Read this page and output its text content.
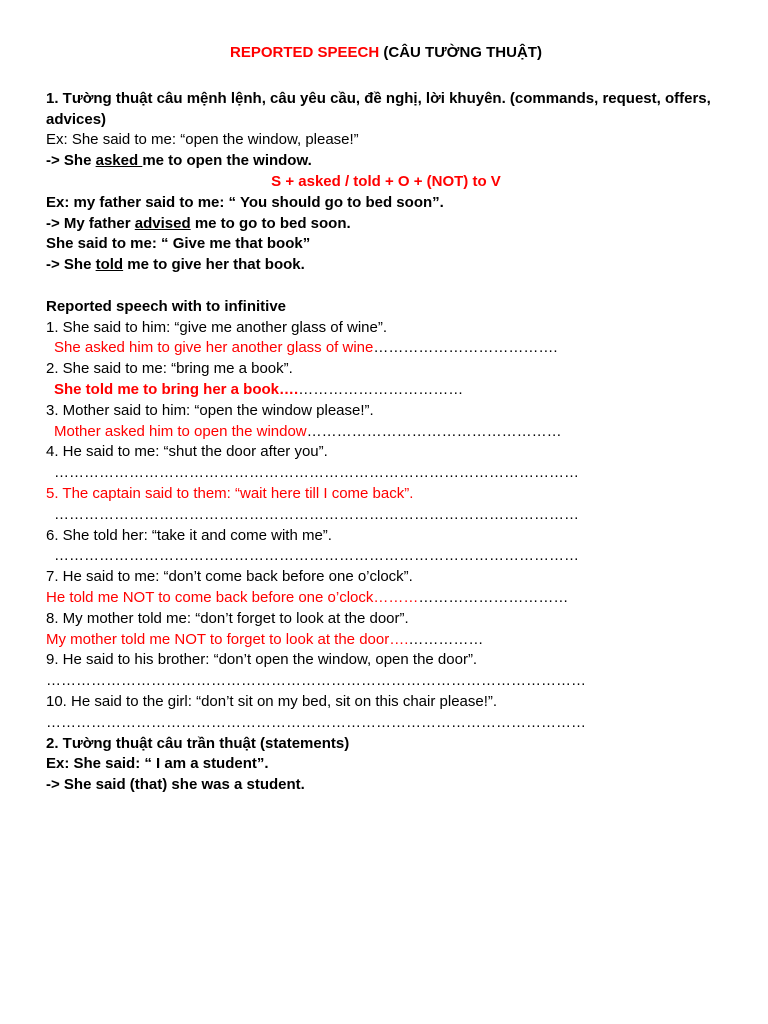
REPORTED SPEECH (CÂU TƯỜNG THUẬT)
1. Tường thuật câu mệnh lệnh, câu yêu cầu, đề nghị, lời khuyên. (commands, request, offers, advices)
Ex: She said to me: “open the window, please!”
-> She asked me to open the window.
S + asked / told + O + (NOT) to V
Ex: my father said to me: “ You should go to bed soon”.
-> My father advised me to go to bed soon.
She said to me: “ Give me that book”
-> She told me to give her that book.
Reported speech with to infinitive
1. She said to him: “give me another glass of wine”.
She asked him to give her another glass of wine……………………………….
2. She said to me: “bring me a book”.
She told me to bring her a book….……………………………
3. Mother said to him: “open the window please!”.
Mother asked him to open the window……………………………………………
4. He said to me: “shut the door after you”.
……………………………………………………………………………………………
5. The captain said to them: “wait here till I come back”.
……………………………………………………………………………………………
6. She told her: “take it and come with me”.
……………………………………………………………………………………………
7. He said to me: “don’t come back before one o’clock”.
He told me NOT to come back before one o’clock…………………………………
8. My mother told me: “don’t forget to look at the door”.
My mother told me NOT to forget to look at the door….……………
9. He said to his brother: “don’t open the window, open the door”.
………………………………………………………………………………………………
10. He said to the girl: “don’t sit on my bed, sit on this chair please!”.
………………………………………………………………………………………………
2. Tường thuật câu trần thuật (statements)
Ex: She said: “ I am a student”.
-> She said (that) she was a student.
